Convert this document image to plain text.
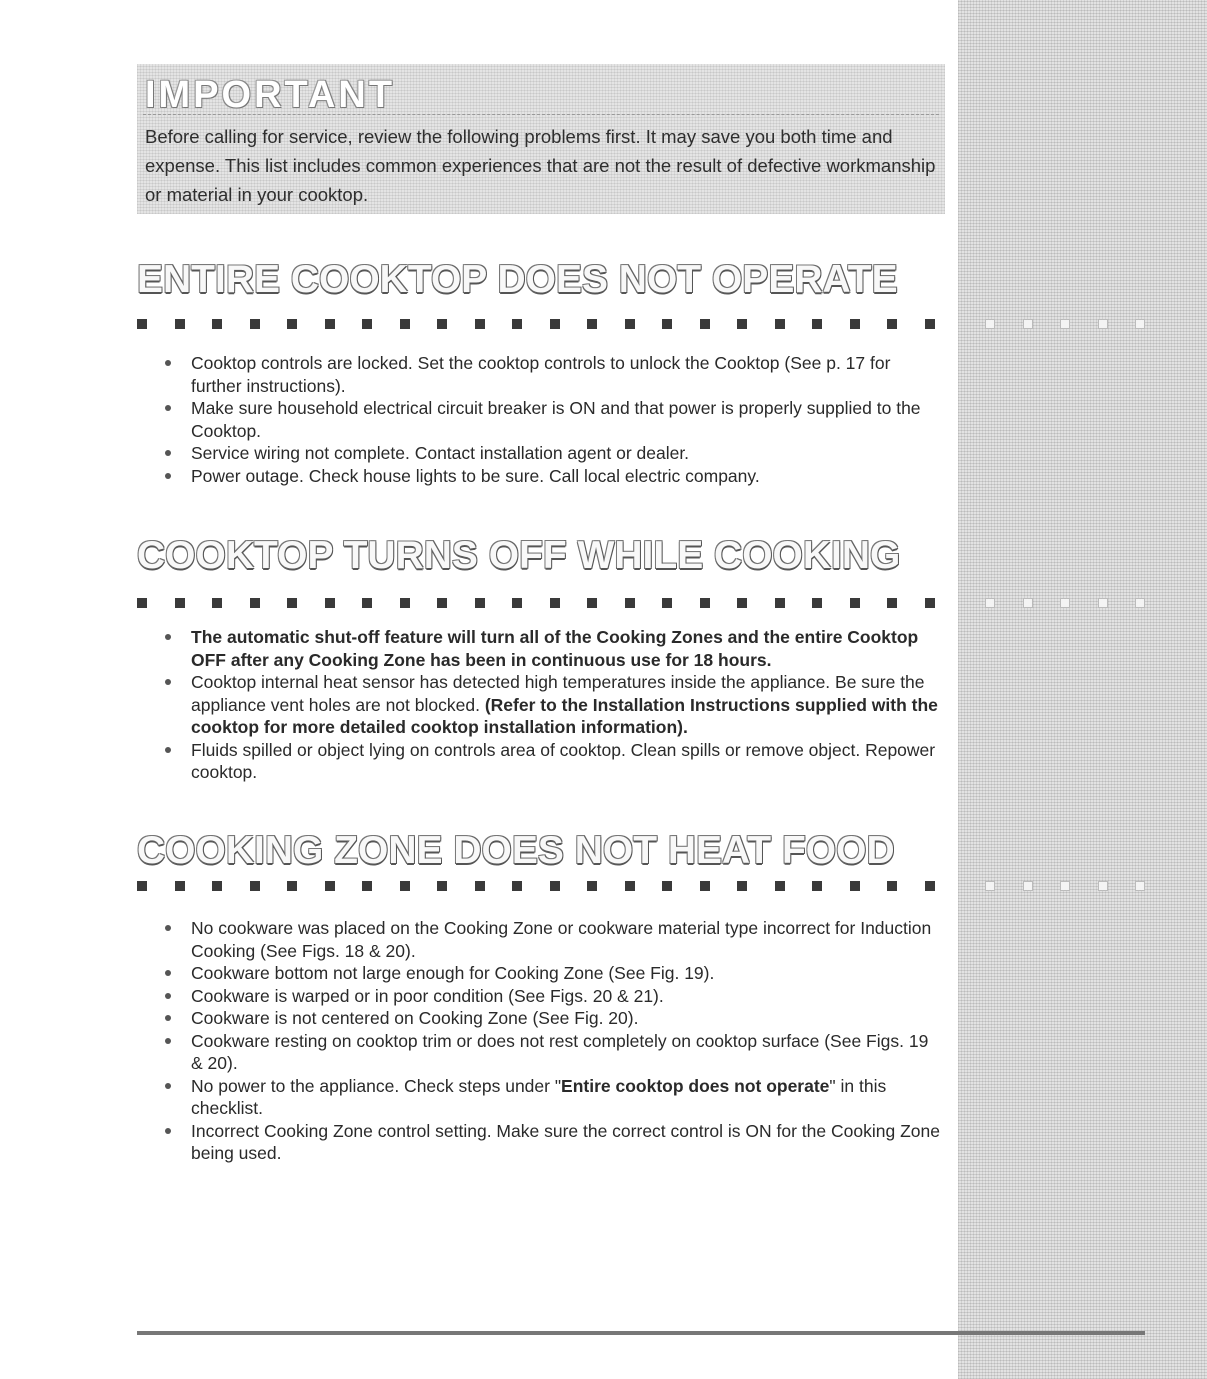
IMPORTANT
Before calling for service, review the following problems first. It may save you both time and expense. This list includes common experiences that are not the result of defective workmanship or material in your cooktop.
ENTIRE COOKTOP DOES NOT OPERATE
Cooktop controls are locked. Set the cooktop controls to unlock the Cooktop (See p. 17 for further instructions).
Make sure household electrical circuit breaker is ON and that power is properly supplied to the Cooktop.
Service wiring not complete. Contact installation agent or dealer.
Power outage. Check house lights to be sure. Call local electric company.
COOKTOP TURNS OFF WHILE COOKING
The automatic shut-off feature will turn all of the Cooking Zones and the entire Cooktop OFF after any Cooking Zone has been in continuous use for 18 hours.
Cooktop internal heat sensor has detected high temperatures inside the appliance. Be sure the appliance vent holes are not blocked. (Refer to the Installation Instructions supplied with the cooktop for more detailed cooktop installation information).
Fluids spilled or object lying on controls area of cooktop. Clean spills or remove object. Repower cooktop.
COOKING ZONE DOES NOT HEAT FOOD
No cookware was placed on the Cooking Zone or cookware material type incorrect for Induction Cooking (See Figs. 18 & 20).
Cookware bottom not large enough for Cooking Zone (See Fig. 19).
Cookware is warped or in poor condition (See Figs. 20 & 21).
Cookware is not centered on Cooking Zone (See Fig. 20).
Cookware resting on cooktop trim or does not rest completely on cooktop surface (See Figs. 19 & 20).
No power to the appliance. Check steps under "Entire cooktop does not operate" in this checklist.
Incorrect Cooking Zone control setting. Make sure the correct control is ON for the Cooking Zone being used.
